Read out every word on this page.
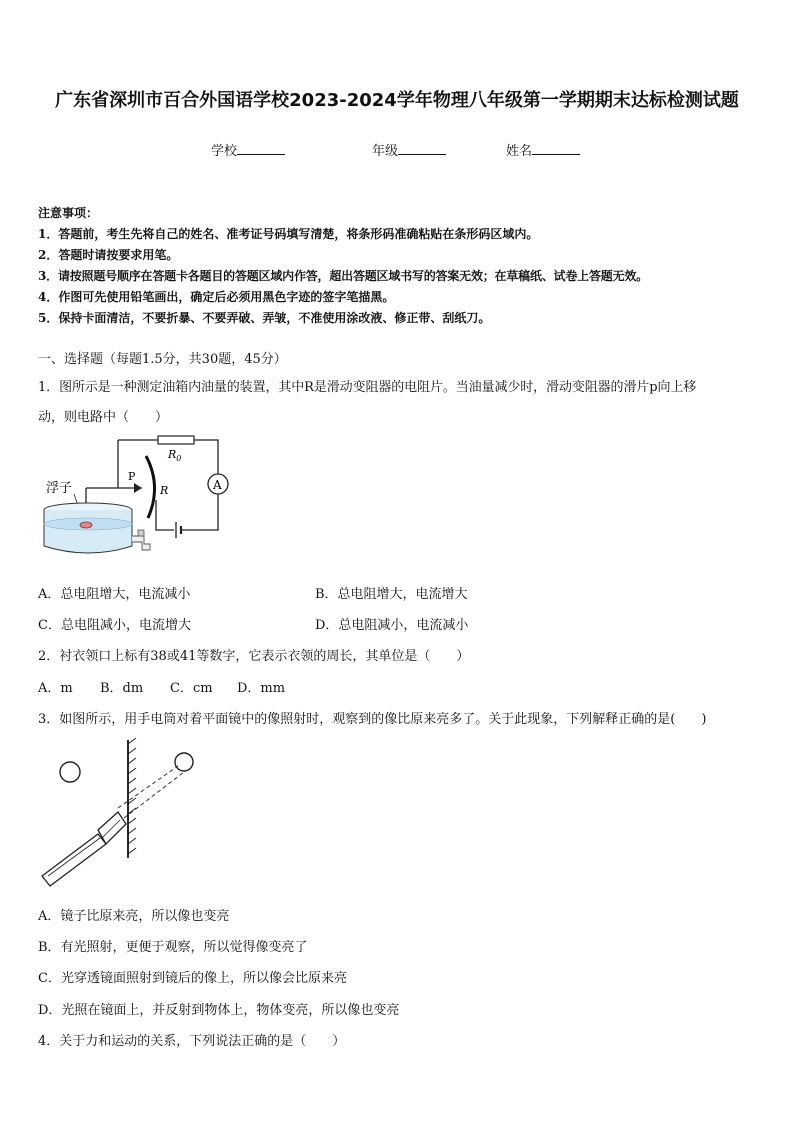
广东省深圳市百合外国语学校2023-2024学年物理八年级第一学期期末达标检测试题
学校	年级	姓名
注意事项：
1．答题前，考生先将自己的姓名、准考证号码填写清楚，将条形码准确粘贴在条形码区域内。
2．答题时请按要求用笔。
3．请按照题号顺序在答题卡各题目的答题区域内作答，超出答题区域书写的答案无效；在草稿纸、试卷上答题无效。
4．作图可先使用铅笔画出，确定后必须用黑色字迹的签字笔描黑。
5．保持卡面清洁，不要折暴、不要弄破、弄皱，不准使用涂改液、修正带、刮纸刀。
一、选择题（每题1.5分，共30题，45分）
1．图所示是一种测定油箱内油量的装置，其中R是滑动变阻器的电阻片。当油量减少时，滑动变阻器的滑片p向上移
动，则电路中（　　）
$R_0$
A
R
P
浮子
A．总电阻增大，电流减小	B．总电阻增大，电流增大
C．总电阻减小，电流增大	D．总电阻减小，电流减小
2．衬衣领口上标有38或41等数字，它表示衣领的周长，其单位是（　　）
A．m B．dm C．cm D．mm
3．如图所示，用手电筒对着平面镜中的像照射时，观察到的像比原来亮多了。关于此现象，下列解释正确的是(　　)
A．镜子比原来亮，所以像也变亮
B．有光照射，更便于观察，所以觉得像变亮了
C．光穿透镜面照射到镜后的像上，所以像会比原来亮
D．光照在镜面上，并反射到物体上，物体变亮，所以像也变亮
4．关于力和运动的关系，下列说法正确的是（　　）
